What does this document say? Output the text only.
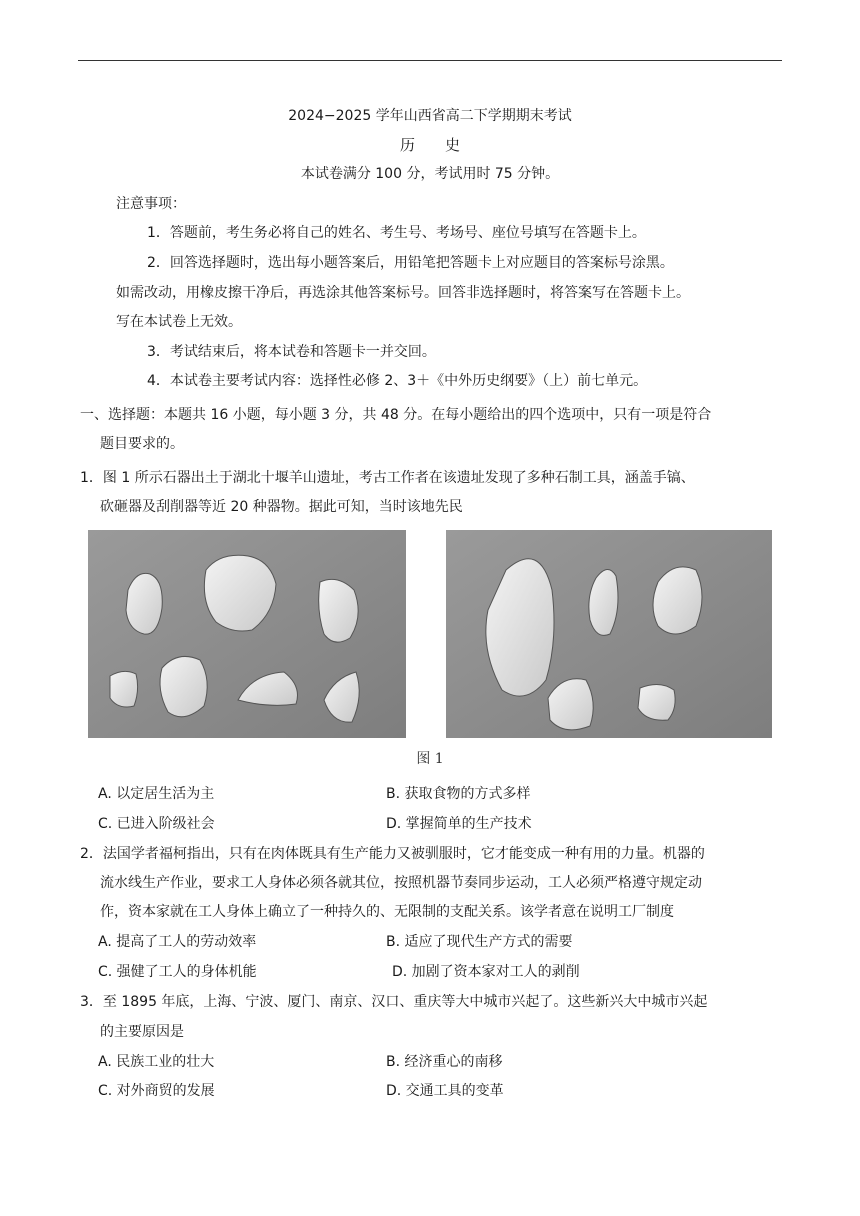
2024−2025 学年山西省高二下学期期末考试
历　　史
本试卷满分 100 分，考试用时 75 分钟。
注意事项：
1．答题前，考生务必将自己的姓名、考生号、考场号、座位号填写在答题卡上。
2．回答选择题时，选出每小题答案后，用铅笔把答题卡上对应题目的答案标号涂黑。
如需改动，用橡皮擦干净后，再选涂其他答案标号。回答非选择题时，将答案写在答题卡上。
写在本试卷上无效。
3．考试结束后，将本试卷和答题卡一并交回。
4．本试卷主要考试内容：选择性必修 2、3＋《中外历史纲要》（上）前七单元。
一、选择题：本题共 16 小题，每小题 3 分，共 48 分。在每小题给出的四个选项中，只有一项是符合
题目要求的。
1．图 1 所示石器出土于湖北十堰羊山遗址，考古工作者在该遗址发现了多种石制工具，涵盖手镐、
砍砸器及刮削器等近 20 种器物。据此可知，当时该地先民
图 1
A. 以定居生活为主	B. 获取食物的方式多样
C. 已进入阶级社会	D. 掌握简单的生产技术
2．法国学者福柯指出，只有在肉体既具有生产能力又被驯服时，它才能变成一种有用的力量。机器的
流水线生产作业，要求工人身体必须各就其位，按照机器节奏同步运动，工人必须严格遵守规定动
作，资本家就在工人身体上确立了一种持久的、无限制的支配关系。该学者意在说明工厂制度
A. 提高了工人的劳动效率	B. 适应了现代生产方式的需要
C. 强健了工人的身体机能	D. 加剧了资本家对工人的剥削
3．至 1895 年底，上海、宁波、厦门、南京、汉口、重庆等大中城市兴起了。这些新兴大中城市兴起
的主要原因是
A. 民族工业的壮大	B. 经济重心的南移
C. 对外商贸的发展	D. 交通工具的变革
